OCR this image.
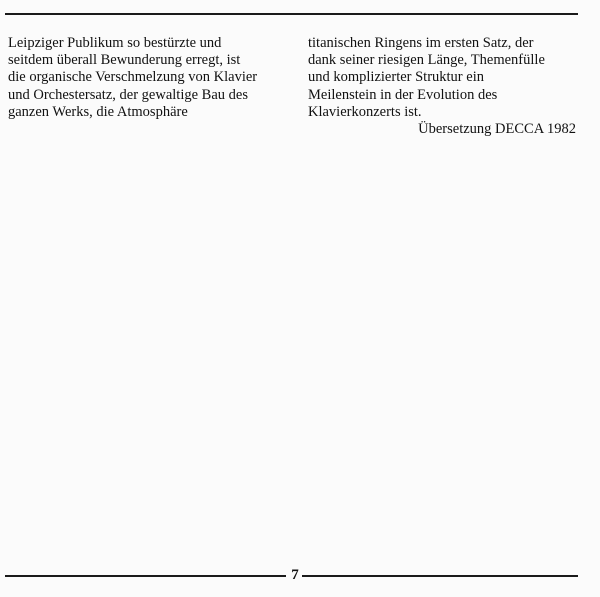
Leipziger Publikum so bestürzte und
seitdem überall Bewunderung erregt, ist
die organische Verschmelzung von Klavier
und Orchestersatz, der gewaltige Bau des
ganzen Werks, die Atmosphäre
titanischen Ringens im ersten Satz, der
dank seiner riesigen Länge, Themenfülle
und komplizierter Struktur ein
Meilenstein in der Evolution des
Klavierkonzerts ist.
Übersetzung DECCA 1982
7
